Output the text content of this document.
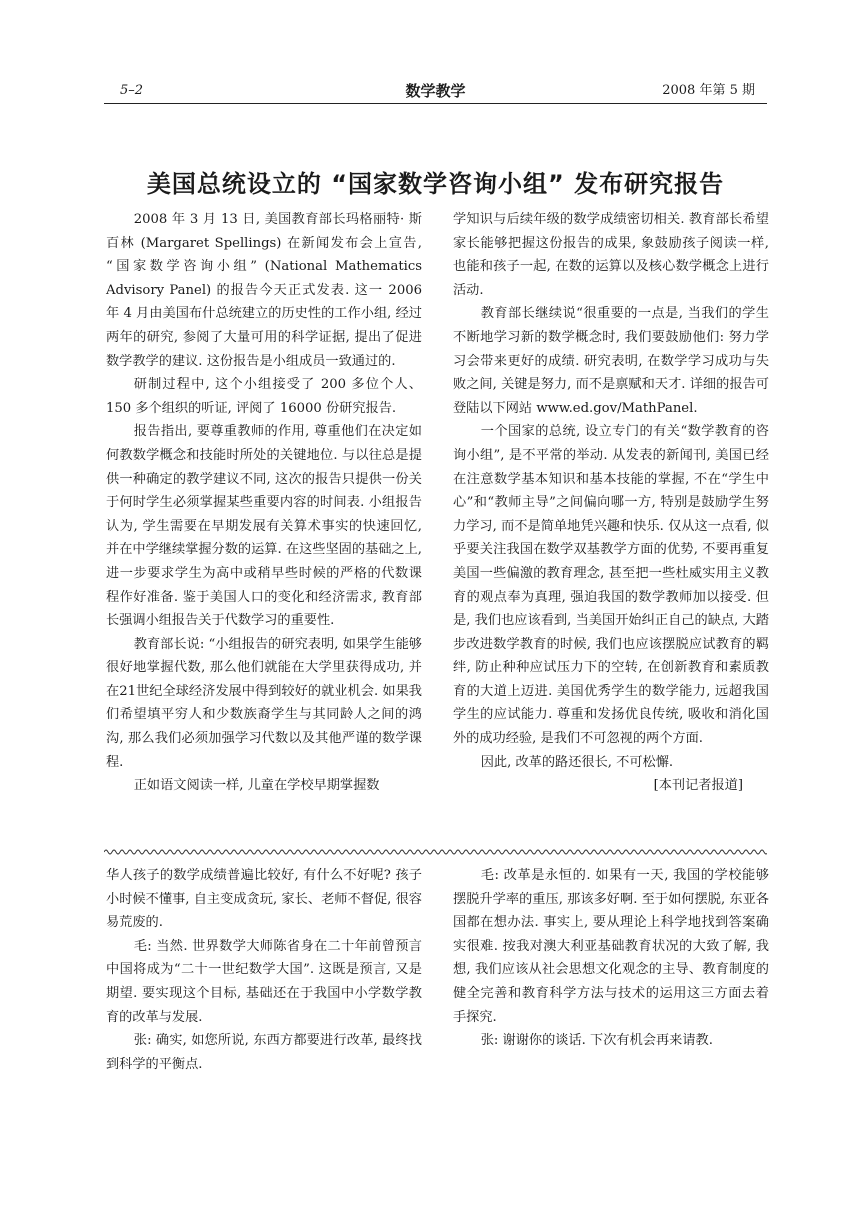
5–2	数学教学	2008 年第 5 期
美国总统设立的 “国家数学咨询小组” 发布研究报告

2008 年 3 月 13 日, 美国教育部长玛格丽特· 斯百林 (Margaret Spellings) 在新闻发布会上宣告, “国家数学咨询小组” (National Mathematics Advisory Panel) 的报告今天正式发表. 这一 2006 年 4 月由美国布什总统建立的历史性的工作小组, 经过两年的研究, 参阅了大量可用的科学证据, 提出了促进数学教学的建议. 这份报告是小组成员一致通过的.

研制过程中, 这个小组接受了 200 多位个人、150 多个组织的听证, 评阅了 16000 份研究报告.

报告指出, 要尊重教师的作用, 尊重他们在决定如何教数学概念和技能时所处的关键地位. 与以往总是提供一种确定的教学建议不同, 这次的报告只提供一份关于何时学生必须掌握某些重要内容的时间表. 小组报告认为, 学生需要在早期发展有关算术事实的快速回忆, 并在中学继续掌握分数的运算. 在这些坚固的基础之上, 进一步要求学生为高中或稍早些时候的严格的代数课程作好准备. 鉴于美国人口的变化和经济需求, 教育部长强调小组报告关于代数学习的重要性.

教育部长说: “小组报告的研究表明, 如果学生能够很好地掌握代数, 那么他们就能在大学里获得成功, 并在21世纪全球经济发展中得到较好的就业机会. 如果我们希望填平穷人和少数族裔学生与其同龄人之间的鸿沟, 那么我们必须加强学习代数以及其他严谨的数学课程.

正如语文阅读一样, 儿童在学校早期掌握数

学知识与后续年级的数学成绩密切相关. 教育部长希望家长能够把握这份报告的成果, 象鼓励孩子阅读一样, 也能和孩子一起, 在数的运算以及核心数学概念上进行活动.

教育部长继续说“很重要的一点是, 当我们的学生不断地学习新的数学概念时, 我们要鼓励他们: 努力学习会带来更好的成绩. 研究表明, 在数学学习成功与失败之间, 关键是努力, 而不是禀赋和天才. 详细的报告可登陆以下网站 www.ed.gov/MathPanel.

一个国家的总统, 设立专门的有关“数学教育的咨询小组”, 是不平常的举动. 从发表的新闻刊, 美国已经在注意数学基本知识和基本技能的掌握, 不在“学生中心”和“教师主导”之间偏向哪一方, 特别是鼓励学生努力学习, 而不是简单地凭兴趣和快乐. 仅从这一点看, 似乎要关注我国在数学双基教学方面的优势, 不要再重复美国一些偏激的教育理念, 甚至把一些杜威实用主义教育的观点奉为真理, 强迫我国的数学教师加以接受. 但是, 我们也应该看到, 当美国开始纠正自己的缺点, 大踏步改进数学教育的时候, 我们也应该摆脱应试教育的羁绊, 防止种种应试压力下的空转, 在创新教育和素质教育的大道上迈进. 美国优秀学生的数学能力, 远超我国学生的应试能力. 尊重和发扬优良传统, 吸收和消化国外的成功经验, 是我们不可忽视的两个方面.

因此, 改革的路还很长, 不可松懈.

[本刊记者报道]

华人孩子的数学成绩普遍比较好, 有什么不好呢? 孩子小时候不懂事, 自主变成贪玩, 家长、老师不督促, 很容易荒废的.

毛: 当然. 世界数学大师陈省身在二十年前曾预言中国将成为“二十一世纪数学大国”. 这既是预言, 又是期望. 要实现这个目标, 基础还在于我国中小学数学教育的改革与发展.

张: 确实, 如您所说, 东西方都要进行改革, 最终找到科学的平衡点.

毛: 改革是永恒的. 如果有一天, 我国的学校能够摆脱升学率的重压, 那该多好啊. 至于如何摆脱, 东亚各国都在想办法. 事实上, 要从理论上科学地找到答案确实很难. 按我对澳大利亚基础教育状况的大致了解, 我想, 我们应该从社会思想文化观念的主导、教育制度的健全完善和教育科学方法与技术的运用这三方面去着手探究.

张: 谢谢你的谈话. 下次有机会再来请教.
